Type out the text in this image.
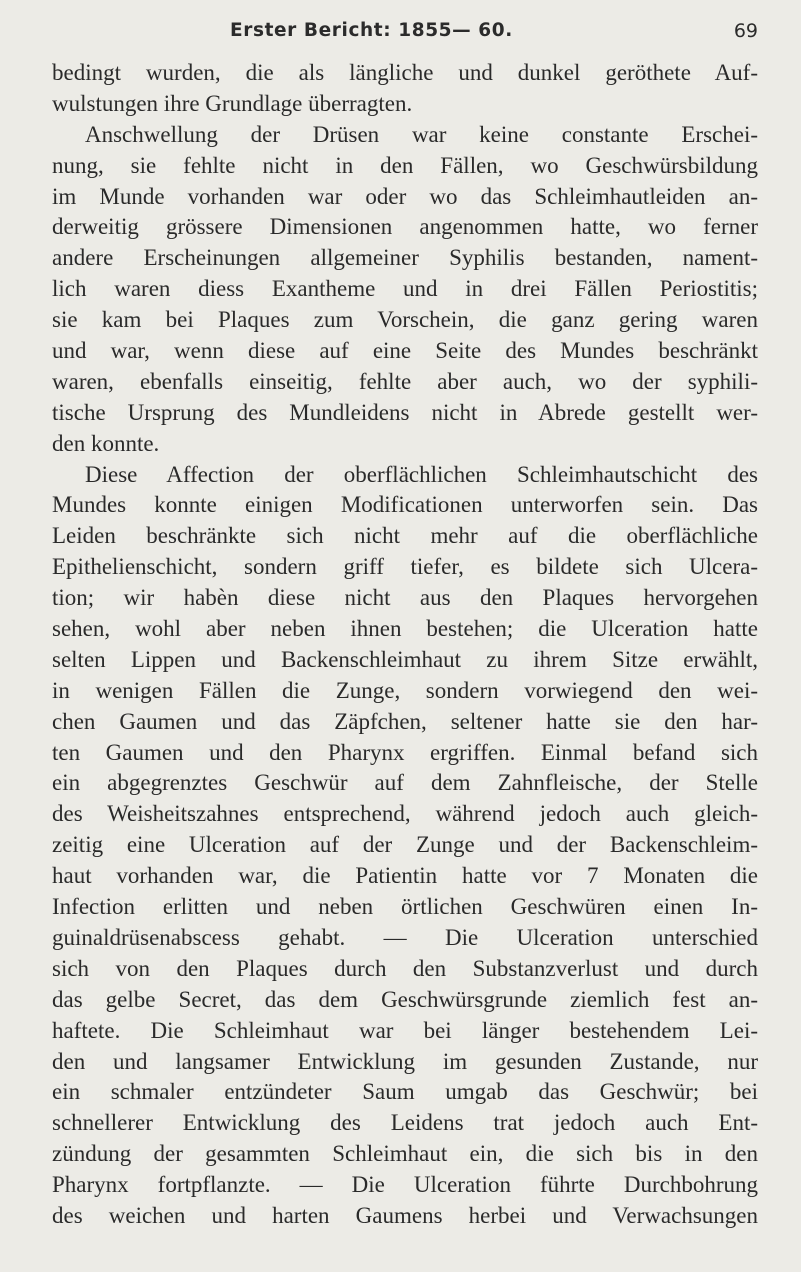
Erster Bericht: 1855— 60.	69
bedingt wurden, die als längliche und dunkel geröthete Auf-
wulstungen ihre Grundlage überragten.
Anschwellung der Drüsen war keine constante Erschei-
nung, sie fehlte nicht in den Fällen, wo Geschwürsbildung
im Munde vorhanden war oder wo das Schleimhautleiden an-
derweitig grössere Dimensionen angenommen hatte, wo ferner
andere Erscheinungen allgemeiner Syphilis bestanden, nament-
lich waren diess Exantheme und in drei Fällen Periostitis;
sie kam bei Plaques zum Vorschein, die ganz gering waren
und war, wenn diese auf eine Seite des Mundes beschränkt
waren, ebenfalls einseitig, fehlte aber auch, wo der syphili-
tische Ursprung des Mundleidens nicht in Abrede gestellt wer-
den konnte.
Diese Affection der oberflächlichen Schleimhautschicht des
Mundes konnte einigen Modificationen unterworfen sein. Das
Leiden beschränkte sich nicht mehr auf die oberflächliche
Epithelienschicht, sondern griff tiefer, es bildete sich Ulcera-
tion; wir habèn diese nicht aus den Plaques hervorgehen
sehen, wohl aber neben ihnen bestehen; die Ulceration hatte
selten Lippen und Backenschleimhaut zu ihrem Sitze erwählt,
in wenigen Fällen die Zunge, sondern vorwiegend den wei-
chen Gaumen und das Zäpfchen, seltener hatte sie den har-
ten Gaumen und den Pharynx ergriffen. Einmal befand sich
ein abgegrenztes Geschwür auf dem Zahnfleische, der Stelle
des Weisheitszahnes entsprechend, während jedoch auch gleich-
zeitig eine Ulceration auf der Zunge und der Backenschleim-
haut vorhanden war, die Patientin hatte vor 7 Monaten die
Infection erlitten und neben örtlichen Geschwüren einen In-
guinaldrüsenabscess gehabt. — Die Ulceration unterschied
sich von den Plaques durch den Substanzverlust und durch
das gelbe Secret, das dem Geschwürsgrunde ziemlich fest an-
haftete. Die Schleimhaut war bei länger bestehendem Lei-
den und langsamer Entwicklung im gesunden Zustande, nur
ein schmaler entzündeter Saum umgab das Geschwür; bei
schnellerer Entwicklung des Leidens trat jedoch auch Ent-
zündung der gesammten Schleimhaut ein, die sich bis in den
Pharynx fortpflanzte. — Die Ulceration führte Durchbohrung
des weichen und harten Gaumens herbei und Verwachsungen
